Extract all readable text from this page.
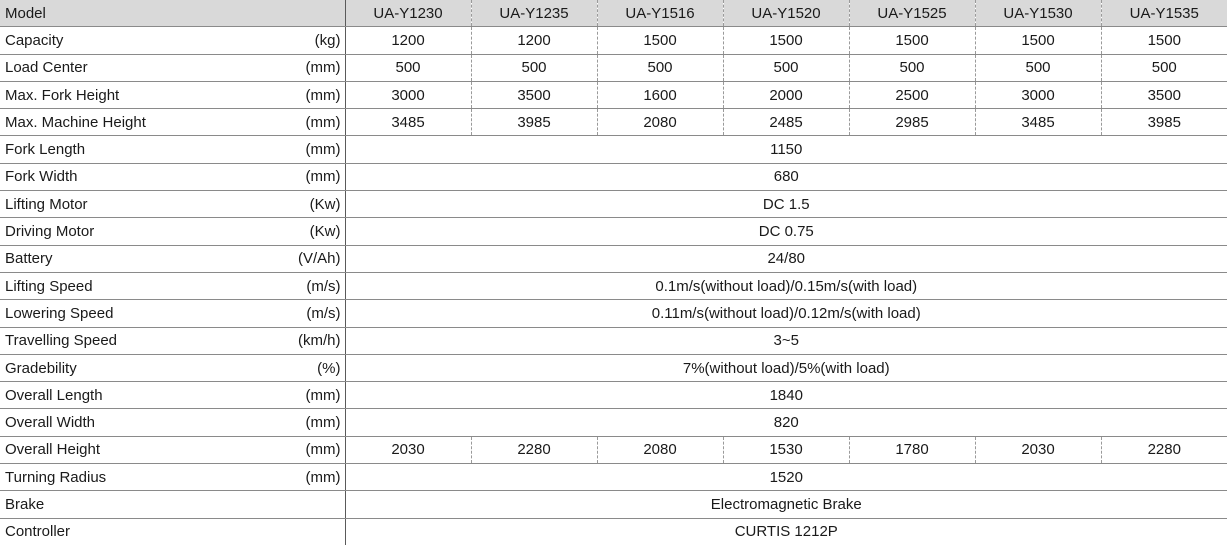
Model	UA-Y1230	UA-Y1235	UA-Y1516	UA-Y1520	UA-Y1525	UA-Y1530	UA-Y1535

Capacity (kg)	1200	1200	1500	1500	1500	1500	1500

Load Center (mm)	500	500	500	500	500	500	500

Max. Fork Height (mm)	3000	3500	1600	2000	2500	3000	3500

Max. Machine Height (mm)	3485	3985	2080	2485	2985	3485	3985

Fork Length (mm)	1150						

Fork Width (mm)	680						

Lifting Motor (Kw)	DC 1.5						

Driving Motor (Kw)	DC 0.75						

Battery (V/Ah)	24/80						

Lifting Speed (m/s)	0.1m/s(without load)/0.15m/s(with load)						

Lowering Speed (m/s)	0.11m/s(without load)/0.12m/s(with load)						

Travelling Speed (km/h)	3~5						

Gradebility (%)	7%(without load)/5%(with load)						

Overall Length (mm)	1840						

Overall Width (mm)	820						

Overall Height (mm)	2030	2280	2080	1530	1780	2030	2280

Turning Radius (mm)	1520						

Brake	Electromagnetic Brake						

Controller	CURTIS 1212P						
